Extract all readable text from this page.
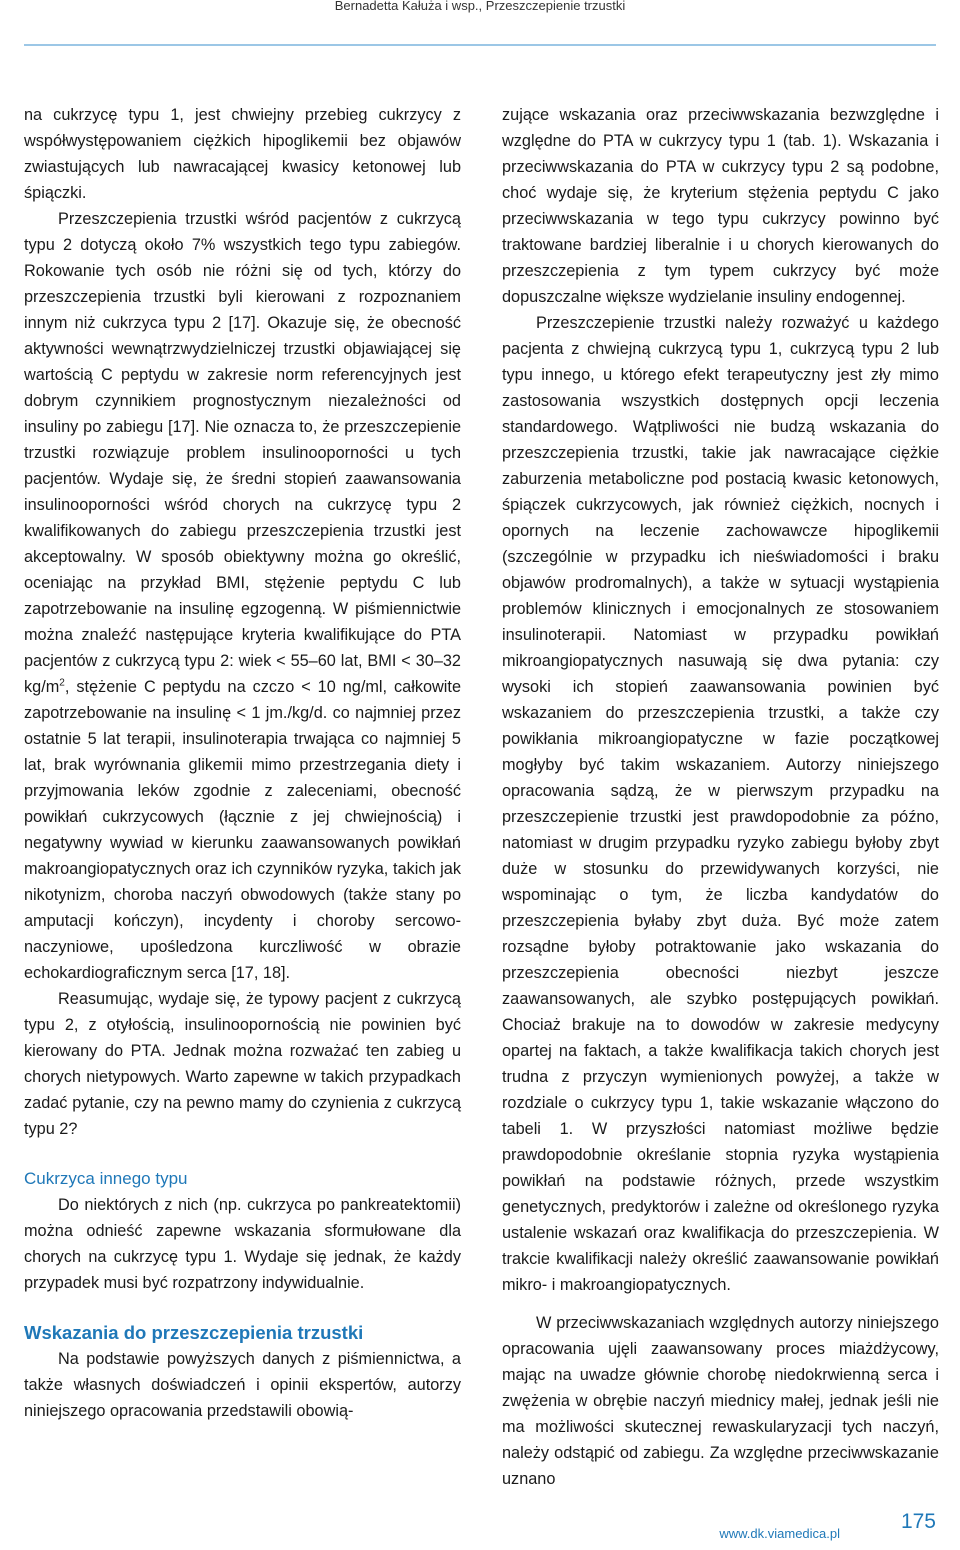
Bernadetta Kałuża i wsp., Przeszczepienie trzustki

na cukrzycę typu 1, jest chwiejny przebieg cukrzycy z współwystępowaniem ciężkich hipoglikemii bez objawów zwiastujących lub nawracającej kwasicy ketonowej lub śpiączki.

Przeszczepienia trzustki wśród pacjentów z cukrzycą typu 2 dotyczą około 7% wszystkich tego typu zabiegów. Rokowanie tych osób nie różni się od tych, którzy do przeszczepienia trzustki byli kierowani z rozpoznaniem innym niż cukrzyca typu 2 [17]. Okazuje się, że obecność aktywności wewnątrzwydzielniczej trzustki objawiającej się wartością C peptydu w zakresie norm referencyjnych jest dobrym czynnikiem prognostycznym niezależności od insuliny po zabiegu [17]. Nie oznacza to, że przeszczepienie trzustki rozwiązuje problem insulinooporności u tych pacjentów. Wydaje się, że średni stopień zaawansowania insulinooporności wśród chorych na cukrzycę typu 2 kwalifikowanych do zabiegu przeszczepienia trzustki jest akceptowalny. W sposób obiektywny można go określić, oceniając na przykład BMI, stężenie peptydu C lub zapotrzebowanie na insulinę egzogenną. W piśmiennictwie można znaleźć następujące kryteria kwalifikujące do PTA pacjentów z cukrzycą typu 2: wiek < 55–60 lat, BMI < 30–32 $kg/m^2$, stężenie C peptydu na czczo < 10 ng/ml, całkowite zapotrzebowanie na insulinę < 1 jm./kg/d. co najmniej przez ostatnie 5 lat terapii, insulinoterapia trwająca co najmniej 5 lat, brak wyrównania glikemii mimo przestrzegania diety i przyjmowania leków zgodnie z zaleceniami, obecność powikłań cukrzycowych (łącznie z jej chwiejnością) i negatywny wywiad w kierunku zaawansowanych powikłań makroangiopatycznych oraz ich czynników ryzyka, takich jak nikotynizm, choroba naczyń obwodowych (także stany po amputacji kończyn), incydenty i choroby sercowo-naczyniowe, upośledzona kurczliwość w obrazie echokardiograficznym serca [17, 18].

Reasumując, wydaje się, że typowy pacjent z cukrzycą typu 2, z otyłością, insulinoopornością nie powinien być kierowany do PTA. Jednak można rozważać ten zabieg u chorych nietypowych. Warto zapewne w takich przypadkach zadać pytanie, czy na pewno mamy do czynienia z cukrzycą typu 2?

Cukrzyca innego typu

Do niektórych z nich (np. cukrzyca po pankreatektomii) można odnieść zapewne wskazania sformułowane dla chorych na cukrzycę typu 1. Wydaje się jednak, że każdy przypadek musi być rozpatrzony indywidualnie.

Wskazania do przeszczepienia trzustki

Na podstawie powyższych danych z piśmiennictwa, a także własnych doświadczeń i opinii ekspertów, autorzy niniejszego opracowania przedstawili obowią-

zujące wskazania oraz przeciwwskazania bezwzględne i względne do PTA w cukrzycy typu 1 (tab. 1). Wskazania i przeciwwskazania do PTA w cukrzycy typu 2 są podobne, choć wydaje się, że kryterium stężenia peptydu C jako przeciwwskazania w tego typu cukrzycy powinno być traktowane bardziej liberalnie i u chorych kierowanych do przeszczepienia z tym typem cukrzycy być może dopuszczalne większe wydzielanie insuliny endogennej.

Przeszczepienie trzustki należy rozważyć u każdego pacjenta z chwiejną cukrzycą typu 1, cukrzycą typu 2 lub typu innego, u którego efekt terapeutyczny jest zły mimo zastosowania wszystkich dostępnych opcji leczenia standardowego. Wątpliwości nie budzą wskazania do przeszczepienia trzustki, takie jak nawracające ciężkie zaburzenia metaboliczne pod postacią kwasic ketonowych, śpiączek cukrzycowych, jak również ciężkich, nocnych i opornych na leczenie zachowawcze hipoglikemii (szczególnie w przypadku ich nieświadomości i braku objawów prodromalnych), a także w sytuacji wystąpienia problemów klinicznych i emocjonalnych ze stosowaniem insulinoterapii. Natomiast w przypadku powikłań mikroangiopatycznych nasuwają się dwa pytania: czy wysoki ich stopień zaawansowania powinien być wskazaniem do przeszczepienia trzustki, a także czy powikłania mikroangiopatyczne w fazie początkowej mogłyby być takim wskazaniem. Autorzy niniejszego opracowania sądzą, że w pierwszym przypadku na przeszczepienie trzustki jest prawdopodobnie za późno, natomiast w drugim przypadku ryzyko zabiegu byłoby zbyt duże w stosunku do przewidywanych korzyści, nie wspominając o tym, że liczba kandydatów do przeszczepienia byłaby zbyt duża. Być może zatem rozsądne byłoby potraktowanie jako wskazania do przeszczepienia obecności niezbyt jeszcze zaawansowanych, ale szybko postępujących powikłań. Chociaż brakuje na to dowodów w zakresie medycyny opartej na faktach, a także kwalifikacja takich chorych jest trudna z przyczyn wymienionych powyżej, a także w rozdziale o cukrzycy typu 1, takie wskazanie włączono do tabeli 1. W przyszłości natomiast możliwe będzie prawdopodobnie określanie stopnia ryzyka wystąpienia powikłań na podstawie różnych, przede wszystkim genetycznych, predyktorów i zależne od określonego ryzyka ustalenie wskazań oraz kwalifikacja do przeszczepienia. W trakcie kwalifikacji należy określić zaawansowanie powikłań mikro- i makroangiopatycznych.

W przeciwwskazaniach względnych autorzy niniejszego opracowania ujęli zaawansowany proces miażdżycowy, mając na uwadze głównie chorobę niedokrwienną serca i zwężenia w obrębie naczyń miednicy małej, jednak jeśli nie ma możliwości skutecznej rewaskularyzacji tych naczyń, należy odstąpić od zabiegu. Za względne przeciwwskazanie uznano

www.dk.viamedica.pl
175
